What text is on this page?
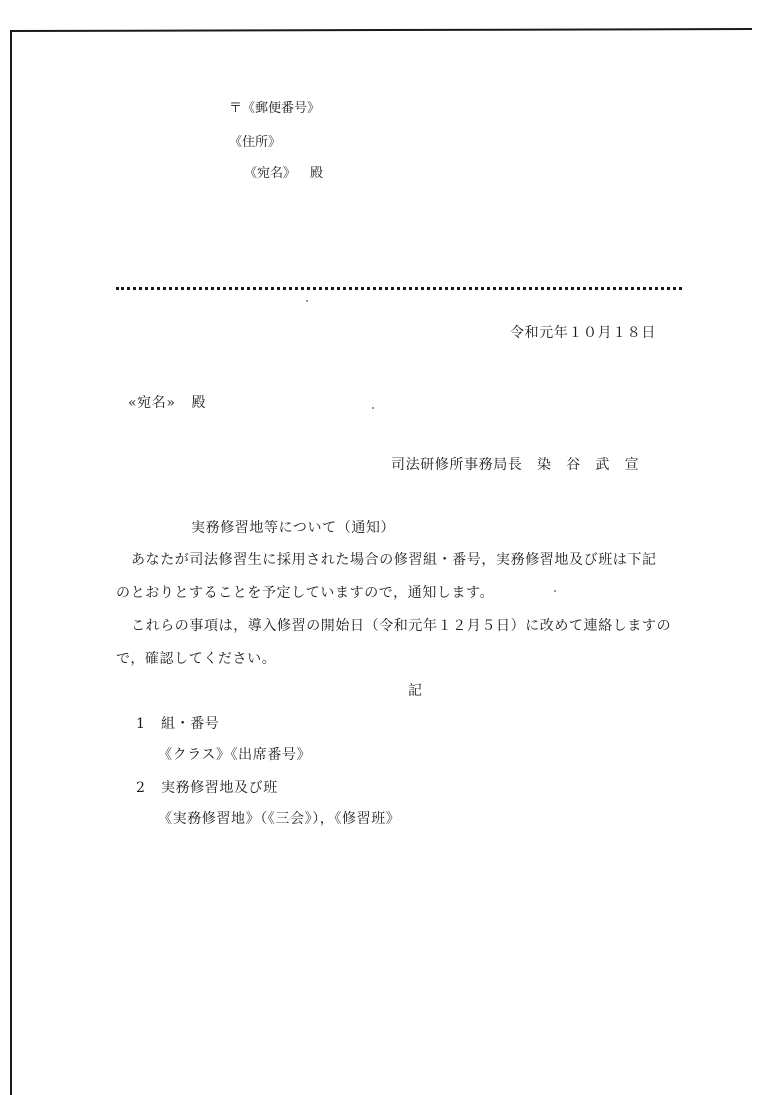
〒《郵便番号》
《住所》
《宛名》 殿
令和元年１０月１８日
«宛名» 殿
司法研修所事務局長　染　谷　武　宣
実務修習地等について（通知）
あなたが司法修習生に採用された場合の修習組・番号，実務修習地及び班は下記
のとおりとすることを予定していますので，通知します。
これらの事項は，導入修習の開始日（令和元年１２月５日）に改めて連絡しますの
で，確認してください。
記
1 組・番号
《クラス》《出席番号》
2 実務修習地及び班
《実務修習地》（《三会》），《修習班》
